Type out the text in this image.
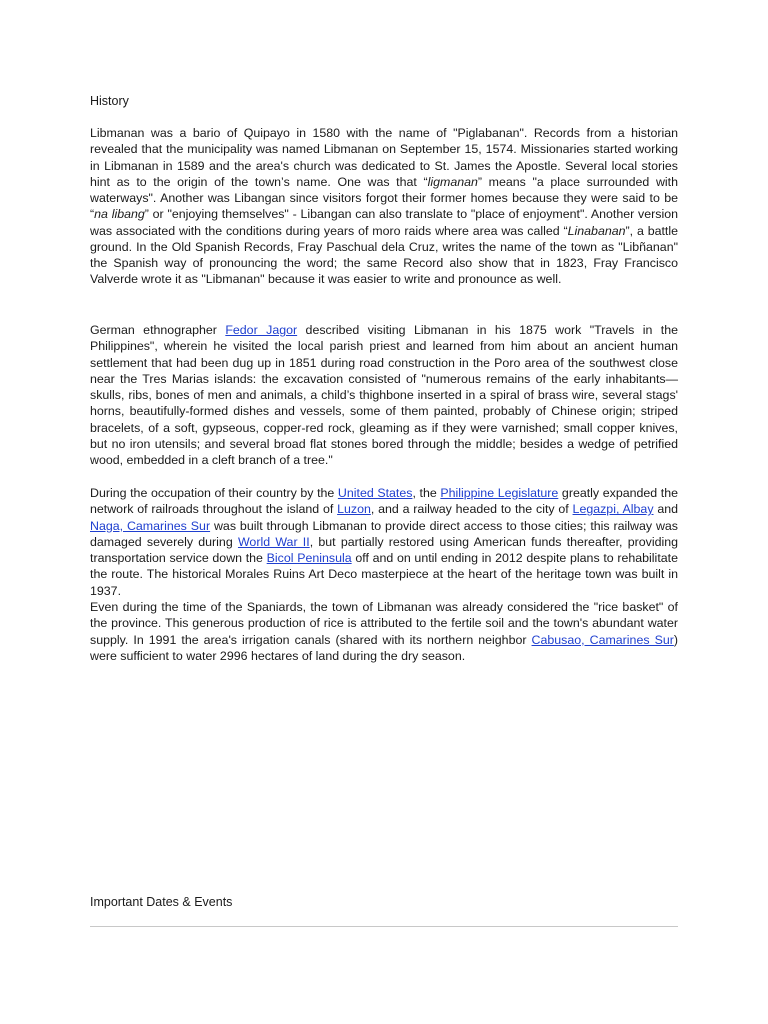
History

Libmanan was a bario of Quipayo in 1580 with the name of "Piglabanan". Records from a historian revealed that the municipality was named Libmanan on September 15, 1574. Missionaries started working in Libmanan in 1589 and the area's church was dedicated to St. James the Apostle. Several local stories hint as to the origin of the town’s name. One was that “ligmanan” means "a place surrounded with waterways". Another was Libangan since visitors forgot their former homes because they were said to be “na libang” or "enjoying themselves" - Libangan can also translate to "place of enjoyment". Another version was associated with the conditions during years of moro raids where area was called “Linabanan”, a battle ground. In the Old Spanish Records, Fray Paschual dela Cruz, writes the name of the town as "Libñanan" the Spanish way of pronouncing the word; the same Record also show that in 1823, Fray Francisco Valverde wrote it as "Libmanan" because it was easier to write and pronounce as well.

German ethnographer Fedor Jagor described visiting Libmanan in his 1875 work "Travels in the Philippines", wherein he visited the local parish priest and learned from him about an ancient human settlement that had been dug up in 1851 during road construction in the Poro area of the southwest close near the Tres Marias islands: the excavation consisted of "numerous remains of the early inhabitants—skulls, ribs, bones of men and animals, a child’s thighbone inserted in a spiral of brass wire, several stags' horns, beautifully-formed dishes and vessels, some of them painted, probably of Chinese origin; striped bracelets, of a soft, gypseous, copper-red rock, gleaming as if they were varnished; small copper knives, but no iron utensils; and several broad flat stones bored through the middle; besides a wedge of petrified wood, embedded in a cleft branch of a tree."

During the occupation of their country by the United States, the Philippine Legislature greatly expanded the network of railroads throughout the island of Luzon, and a railway headed to the city of Legazpi, Albay and Naga, Camarines Sur was built through Libmanan to provide direct access to those cities; this railway was damaged severely during World War II, but partially restored using American funds thereafter, providing transportation service down the Bicol Peninsula off and on until ending in 2012 despite plans to rehabilitate the route. The historical Morales Ruins Art Deco masterpiece at the heart of the heritage town was built in 1937.

Even during the time of the Spaniards, the town of Libmanan was already considered the "rice basket" of the province. This generous production of rice is attributed to the fertile soil and the town's abundant water supply. In 1991 the area's irrigation canals (shared with its northern neighbor Cabusao, Camarines Sur) were sufficient to water 2996 hectares of land during the dry season.

Important Dates & Events
